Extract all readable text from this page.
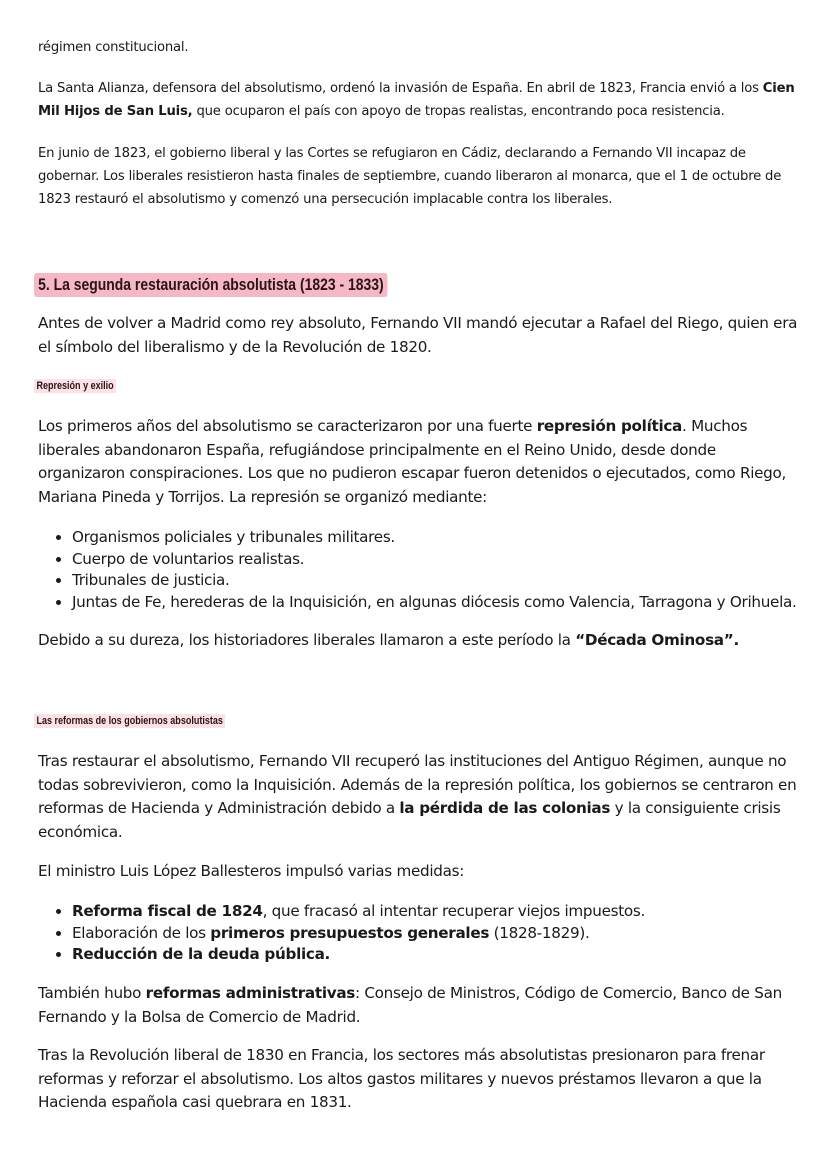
régimen constitucional.

La Santa Alianza, defensora del absolutismo, ordenó la invasión de España. En abril de 1823, Francia envió a los Cien Mil Hijos de San Luis, que ocuparon el país con apoyo de tropas realistas, encontrando poca resistencia.

En junio de 1823, el gobierno liberal y las Cortes se refugiaron en Cádiz, declarando a Fernando VII incapaz de gobernar. Los liberales resistieron hasta finales de septiembre, cuando liberaron al monarca, que el 1 de octubre de 1823 restauró el absolutismo y comenzó una persecución implacable contra los liberales.

5. La segunda restauración absolutista (1823 - 1833)

Antes de volver a Madrid como rey absoluto, Fernando VII mandó ejecutar a Rafael del Riego, quien era el símbolo del liberalismo y de la Revolución de 1820.

Represión y exilio

Los primeros años del absolutismo se caracterizaron por una fuerte represión política. Muchos liberales abandonaron España, refugiándose principalmente en el Reino Unido, desde donde organizaron conspiraciones. Los que no pudieron escapar fueron detenidos o ejecutados, como Riego, Mariana Pineda y Torrijos. La represión se organizó mediante:

• Organismos policiales y tribunales militares.
• Cuerpo de voluntarios realistas.
• Tribunales de justicia.
• Juntas de Fe, herederas de la Inquisición, en algunas diócesis como Valencia, Tarragona y Orihuela.

Debido a su dureza, los historiadores liberales llamaron a este período la “Década Ominosa”.

Las reformas de los gobiernos absolutistas

Tras restaurar el absolutismo, Fernando VII recuperó las instituciones del Antiguo Régimen, aunque no todas sobrevivieron, como la Inquisición. Además de la represión política, los gobiernos se centraron en reformas de Hacienda y Administración debido a la pérdida de las colonias y la consiguiente crisis económica.

El ministro Luis López Ballesteros impulsó varias medidas:

• Reforma fiscal de 1824, que fracasó al intentar recuperar viejos impuestos.
• Elaboración de los primeros presupuestos generales (1828-1829).
• Reducción de la deuda pública.

También hubo reformas administrativas: Consejo de Ministros, Código de Comercio, Banco de San Fernando y la Bolsa de Comercio de Madrid.

Tras la Revolución liberal de 1830 en Francia, los sectores más absolutistas presionaron para frenar reformas y reforzar el absolutismo. Los altos gastos militares y nuevos préstamos llevaron a que la Hacienda española casi quebrara en 1831.
